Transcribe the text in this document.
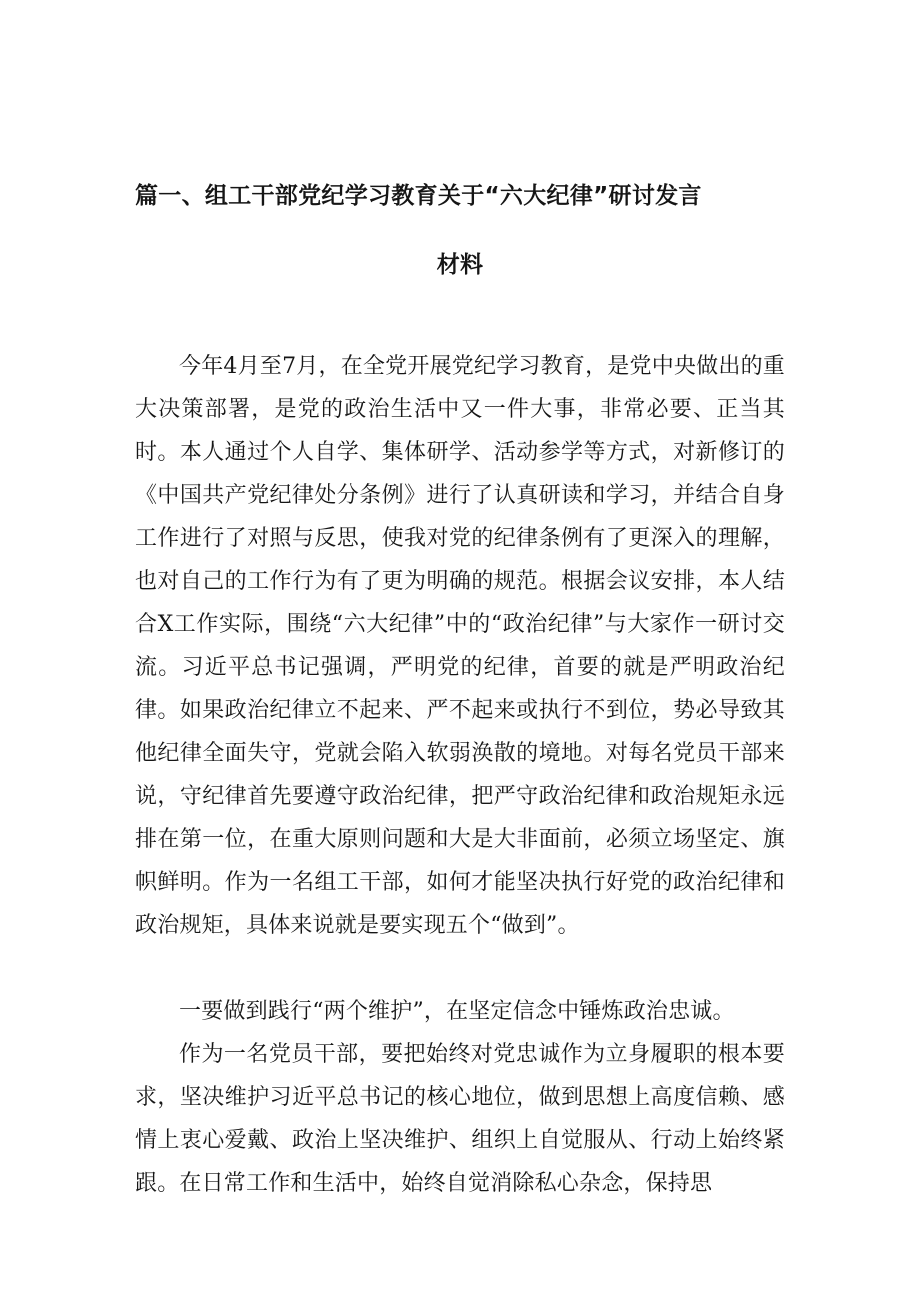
篇一、组工干部党纪学习教育关于“六大纪律”研讨发言
材料

今年4月至7月，在全党开展党纪学习教育，是党中央做出的重大决策部署，是党的政治生活中又一件大事，非常必要、正当其时。本人通过个人自学、集体研学、活动参学等方式，对新修订的《中国共产党纪律处分条例》进行了认真研读和学习，并结合自身工作进行了对照与反思，使我对党的纪律条例有了更深入的理解，也对自己的工作行为有了更为明确的规范。根据会议安排，本人结合X工作实际，围绕“六大纪律”中的“政治纪律”与大家作一研讨交流。习近平总书记强调，严明党的纪律，首要的就是严明政治纪律。如果政治纪律立不起来、严不起来或执行不到位，势必导致其他纪律全面失守，党就会陷入软弱涣散的境地。对每名党员干部来说，守纪律首先要遵守政治纪律，把严守政治纪律和政治规矩永远排在第一位，在重大原则问题和大是大非面前，必须立场坚定、旗帜鲜明。作为一名组工干部，如何才能坚决执行好党的政治纪律和政治规矩，具体来说就是要实现五个“做到”。

一要做到践行“两个维护”，在坚定信念中锤炼政治忠诚。

作为一名党员干部，要把始终对党忠诚作为立身履职的根本要求，坚决维护习近平总书记的核心地位，做到思想上高度信赖、感情上衷心爱戴、政治上坚决维护、组织上自觉服从、行动上始终紧跟。在日常工作和生活中，始终自觉消除私心杂念，保持思
